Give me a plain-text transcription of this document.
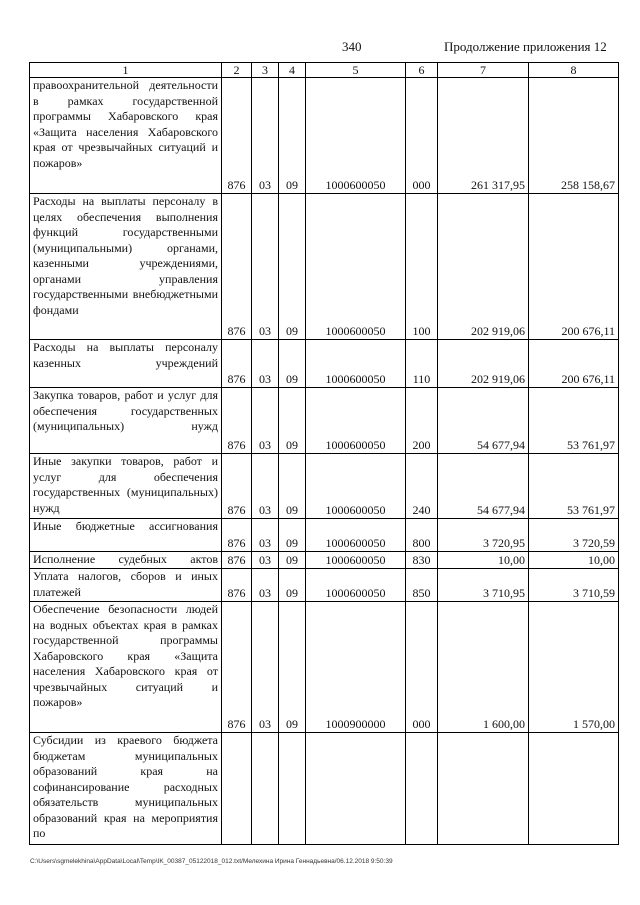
340	Продолжение приложения 12
1	2	3	4	5	6	7	8
правоохранительной деятельности в рамках государственной программы Хабаровского края «Защита населения Хабаровского края от чрезвычайных ситуаций и пожаров»	876	03	09	1000600050	000	261 317,95	258 158,67
Расходы на выплаты персоналу в целях обеспечения выполнения функций государственными (муниципальными) органами, казенными учреждениями, органами управления государственными внебюджетными фондами	876	03	09	1000600050	100	202 919,06	200 676,11
Расходы на выплаты персоналу казенных учреждений	876	03	09	1000600050	110	202 919,06	200 676,11
Закупка товаров, работ и услуг для обеспечения государственных (муниципальных) нужд	876	03	09	1000600050	200	54 677,94	53 761,97
Иные закупки товаров, работ и услуг для обеспечения государственных (муниципальных) нужд	876	03	09	1000600050	240	54 677,94	53 761,97
Иные бюджетные ассигнования	876	03	09	1000600050	800	3 720,95	3 720,59
Исполнение судебных актов	876	03	09	1000600050	830	10,00	10,00
Уплата налогов, сборов и иных платежей	876	03	09	1000600050	850	3 710,95	3 710,59
Обеспечение безопасности людей на водных объектах края в рамках государственной программы Хабаровского края «Защита населения Хабаровского края от чрезвычайных ситуаций и пожаров»	876	03	09	1000900000	000	1 600,00	1 570,00
Субсидии из краевого бюджета бюджетам муниципальных образований края на софинансирование расходных обязательств муниципальных образований края на мероприятия по							
C:\Users\sgmelekhina\AppData\Local\Temp\IK_00387_05122018_012.txt/Мелехина Ирина Геннадьевна/06.12.2018 9:50:39
